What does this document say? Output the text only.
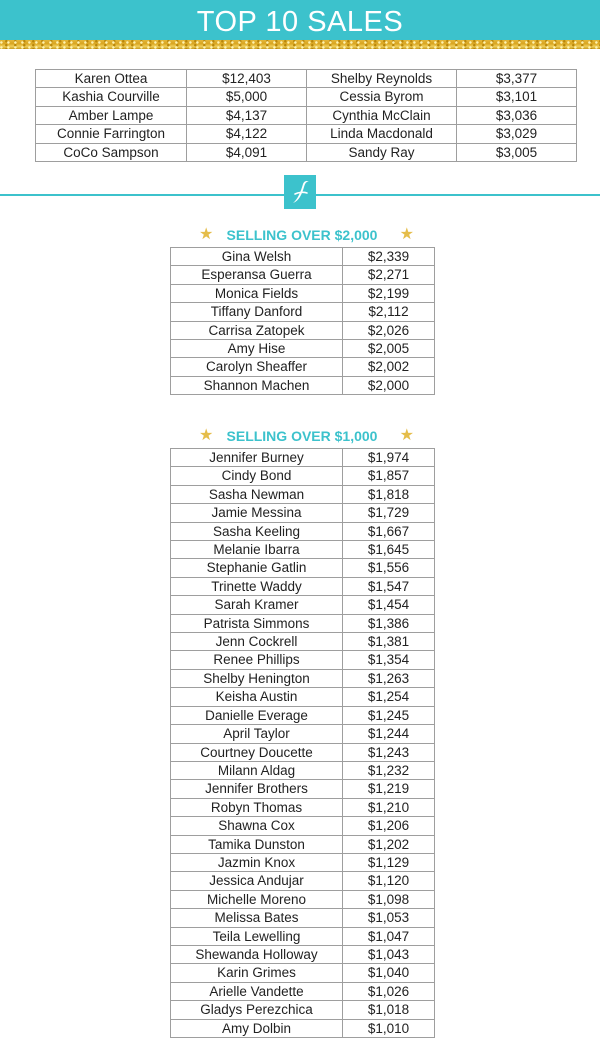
TOP 10 SALES
Karen Ottea	$12,403	Shelby Reynolds	$3,377
Kashia Courville	$5,000	Cessia Byrom	$3,101
Amber Lampe	$4,137	Cynthia McClain	$3,036
Connie Farrington	$4,122	Linda Macdonald	$3,029
CoCo Sampson	$4,091	Sandy Ray	$3,005
★ SELLING OVER $2,000 ★
Gina Welsh	$2,339
Esperansa Guerra	$2,271
Monica Fields	$2,199
Tiffany Danford	$2,112
Carrisa Zatopek	$2,026
Amy Hise	$2,005
Carolyn Sheaffer	$2,002
Shannon Machen	$2,000
★ SELLING OVER $1,000 ★
Jennifer Burney	$1,974
Cindy Bond	$1,857
Sasha Newman	$1,818
Jamie Messina	$1,729
Sasha Keeling	$1,667
Melanie Ibarra	$1,645
Stephanie Gatlin	$1,556
Trinette Waddy	$1,547
Sarah Kramer	$1,454
Patrista Simmons	$1,386
Jenn Cockrell	$1,381
Renee Phillips	$1,354
Shelby Henington	$1,263
Keisha Austin	$1,254
Danielle Everage	$1,245
April Taylor	$1,244
Courtney Doucette	$1,243
Milann Aldag	$1,232
Jennifer Brothers	$1,219
Robyn Thomas	$1,210
Shawna Cox	$1,206
Tamika Dunston	$1,202
Jazmin Knox	$1,129
Jessica Andujar	$1,120
Michelle Moreno	$1,098
Melissa Bates	$1,053
Teila Lewelling	$1,047
Shewanda Holloway	$1,043
Karin Grimes	$1,040
Arielle Vandette	$1,026
Gladys Perezchica	$1,018
Amy Dolbin	$1,010
